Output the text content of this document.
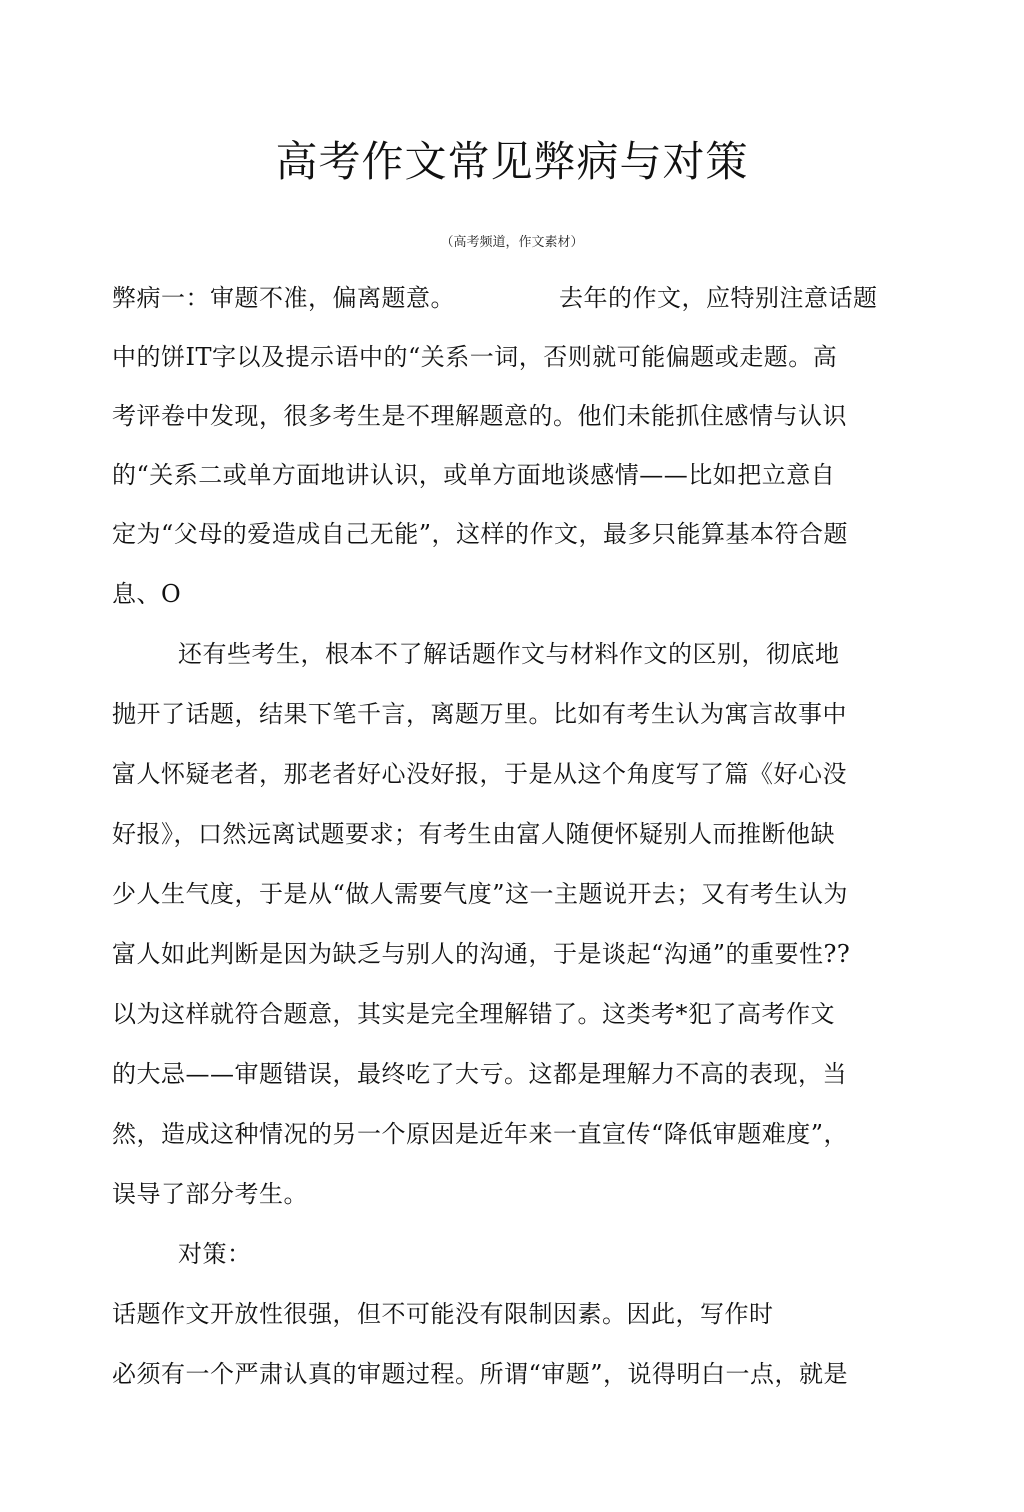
高考作文常见弊病与对策
（高考频道，作文素材）
弊病一：审题不准，偏离题意。	去年的作文，应特别注意话题
中的饼IT字以及提示语中的“关系一词，否则就可能偏题或走题。高
考评卷中发现，很多考生是不理解题意的。他们未能抓住感情与认识
的“关系二或单方面地讲认识，或单方面地谈感情——比如把立意自
定为“父母的爱造成自己无能”，这样的作文，最多只能算基本符合题
息、O
还有些考生，根本不了解话题作文与材料作文的区别，彻底地
抛开了话题，结果下笔千言，离题万里。比如有考生认为寓言故事中
富人怀疑老者，那老者好心没好报，于是从这个角度写了篇《好心没
好报》，口然远离试题要求；有考生由富人随便怀疑别人而推断他缺
少人生气度，于是从“做人需要气度”这一主题说开去；又有考生认为
富人如此判断是因为缺乏与别人的沟通，于是谈起“沟通”的重要性??
以为这样就符合题意，其实是完全理解错了。这类考*犯了高考作文
的大忌——审题错误，最终吃了大亏。这都是理解力不高的表现，当
然，造成这种情况的另一个原因是近年来一直宣传“降低审题难度”，
误导了部分考生。
对策：
话题作文开放性很强，但不可能没有限制因素。因此，写作时
必须有一个严肃认真的审题过程。所谓“审题”，说得明白一点，就是
